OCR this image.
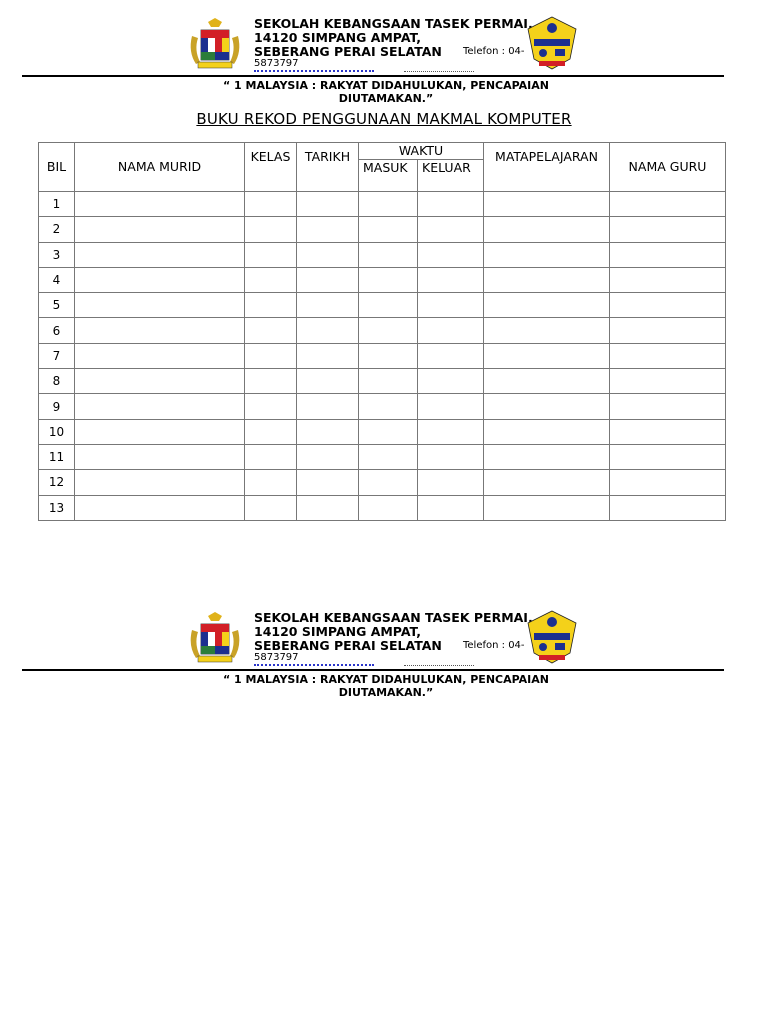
SEKOLAH KEBANGSAAN TASEK PERMAI,
14120 SIMPANG AMPAT,
SEBERANG PERAI SELATAN	Telefon : 04-
5873797
“ 1 MALAYSIA : RAKYAT DIDAHULUKAN, PENCAPAIAN DIUTAMAKAN.”
BUKU REKOD PENGGUNAAN MAKMAL KOMPUTER
BIL	NAMA MURID	KELAS	TARIKH	WAKTU		MATAPELAJARAN	NAMA GURU
				MASUK	KELUAR		
1							
2							
3							
4							
5							
6							
7							
8							
9							
10							
11							
12							
13							
SEKOLAH KEBANGSAAN TASEK PERMAI,
14120 SIMPANG AMPAT,
SEBERANG PERAI SELATAN	Telefon : 04-
5873797
“ 1 MALAYSIA : RAKYAT DIDAHULUKAN, PENCAPAIAN DIUTAMAKAN.”
